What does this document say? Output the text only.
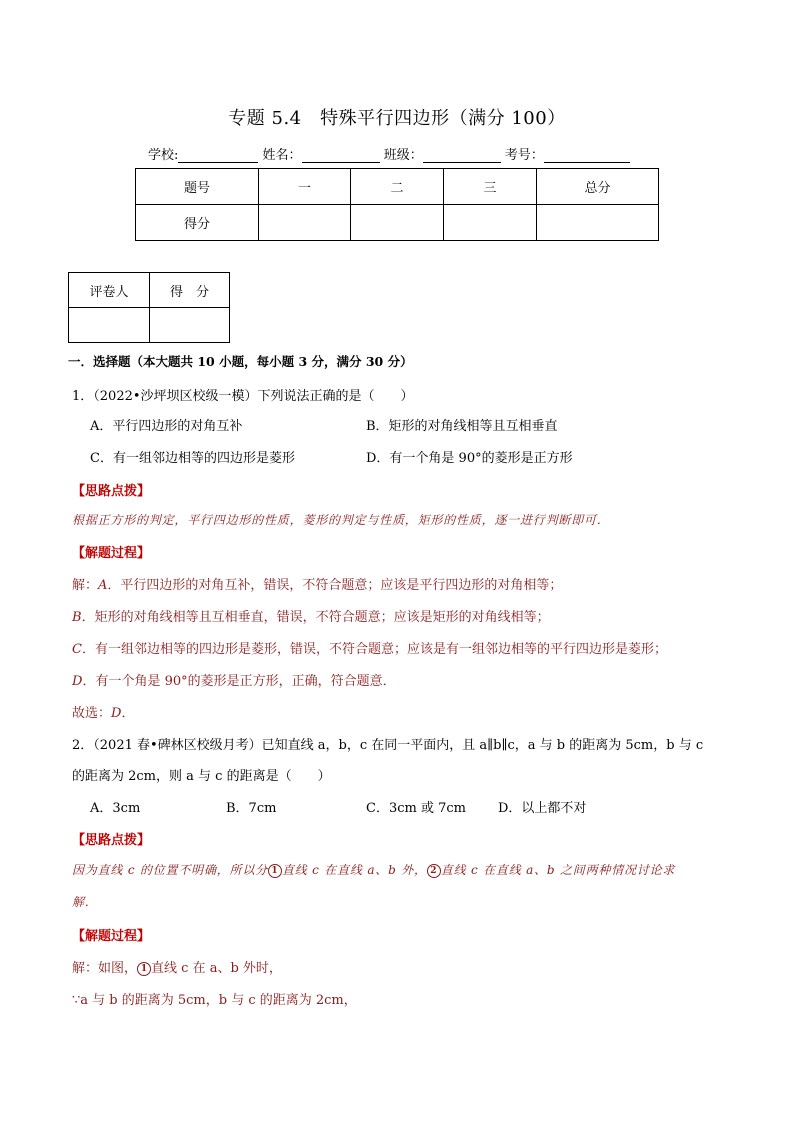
专题 5.4　特殊平行四边形（满分 100）
学校:	姓名：	班级：	考号：
题号	一	二	三	总分
得分				
评卷人	得　分

一．选择题（本大题共 10 小题，每小题 3 分，满分 30 分）
1．（2022•沙坪坝区校级一模）下列说法正确的是（　　）
A．平行四边形的对角互补	B．矩形的对角线相等且互相垂直
C．有一组邻边相等的四边形是菱形	D．有一个角是 90°的菱形是正方形
【思路点拨】
根据正方形的判定，平行四边形的性质，菱形的判定与性质，矩形的性质，逐一进行判断即可．
【解题过程】
解：A．平行四边形的对角互补，错误，不符合题意；应该是平行四边形的对角相等；
B．矩形的对角线相等且互相垂直，错误，不符合题意；应该是矩形的对角线相等；
C．有一组邻边相等的四边形是菱形，错误，不符合题意；应该是有一组邻边相等的平行四边形是菱形；
D．有一个角是 90°的菱形是正方形，正确，符合题意．
故选：D．
2．（2021 春•碑林区校级月考）已知直线 a，b，c 在同一平面内，且 a∥b∥c，a 与 b 的距离为 5cm，b 与 c
的距离为 2cm，则 a 与 c 的距离是（　　）
A．3cm	B．7cm	C．3cm 或 7cm D．以上都不对
【思路点拨】
因为直线 c 的位置不明确，所以分 1 直线 c 在直线 a、b 外， 2 直线 c 在直线 a、b 之间两种情况讨论求
解．
【解题过程】
解：如图， 1 直线 c 在 a、b 外时，
∵a 与 b 的距离为 5cm，b 与 c 的距离为 2cm，
